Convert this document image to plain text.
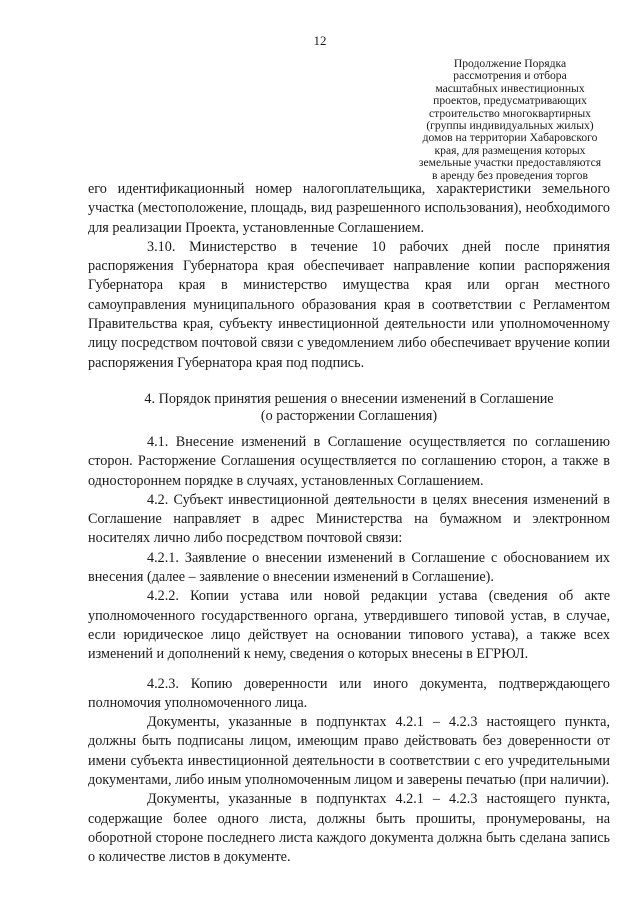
12
Продолжение Порядка
рассмотрения и отбора
масштабных инвестиционных
проектов, предусматривающих
строительство многоквартирных
(группы индивидуальных жилых)
домов на территории Хабаровского
края, для размещения которых
земельные участки предоставляются
в аренду без проведения торгов

его идентификационный номер налогоплательщика, характеристики земельного участка (местоположение, площадь, вид разрешенного использования), необходимого для реализации Проекта, установленные Соглашением.

3.10. Министерство в течение 10 рабочих дней после принятия распоряжения Губернатора края обеспечивает направление копии распоряжения Губернатора края в министерство имущества края или орган местного самоуправления муниципального образования края в соответствии с Регламентом Правительства края, субъекту инвестиционной деятельности или уполномоченному лицу посредством почтовой связи с уведомлением либо обеспечивает вручение копии распоряжения Губернатора края под подпись.

4. Порядок принятия решения о внесении изменений в Соглашение
(о расторжении Соглашения)

4.1. Внесение изменений в Соглашение осуществляется по соглашению сторон. Расторжение Соглашения осуществляется по соглашению сторон, а также в одностороннем порядке в случаях, установленных Соглашением.

4.2. Субъект инвестиционной деятельности в целях внесения изменений в Соглашение направляет в адрес Министерства на бумажном и электронном носителях лично либо посредством почтовой связи:

4.2.1. Заявление о внесении изменений в Соглашение с обоснованием их внесения (далее – заявление о внесении изменений в Соглашение).

4.2.2. Копии устава или новой редакции устава (сведения об акте уполномоченного государственного органа, утвердившего типовой устав, в случае, если юридическое лицо действует на основании типового устава), а также всех изменений и дополнений к нему, сведения о которых внесены в ЕГРЮЛ.

4.2.3. Копию доверенности или иного документа, подтверждающего полномочия уполномоченного лица.

Документы, указанные в подпунктах 4.2.1 – 4.2.3 настоящего пункта, должны быть подписаны лицом, имеющим право действовать без доверенности от имени субъекта инвестиционной деятельности в соответствии с его учредительными документами, либо иным уполномоченным лицом и заверены печатью (при наличии).

Документы, указанные в подпунктах 4.2.1 – 4.2.3 настоящего пункта, содержащие более одного листа, должны быть прошиты, пронумерованы, на оборотной стороне последнего листа каждого документа должна быть сделана запись о количестве листов в документе.
